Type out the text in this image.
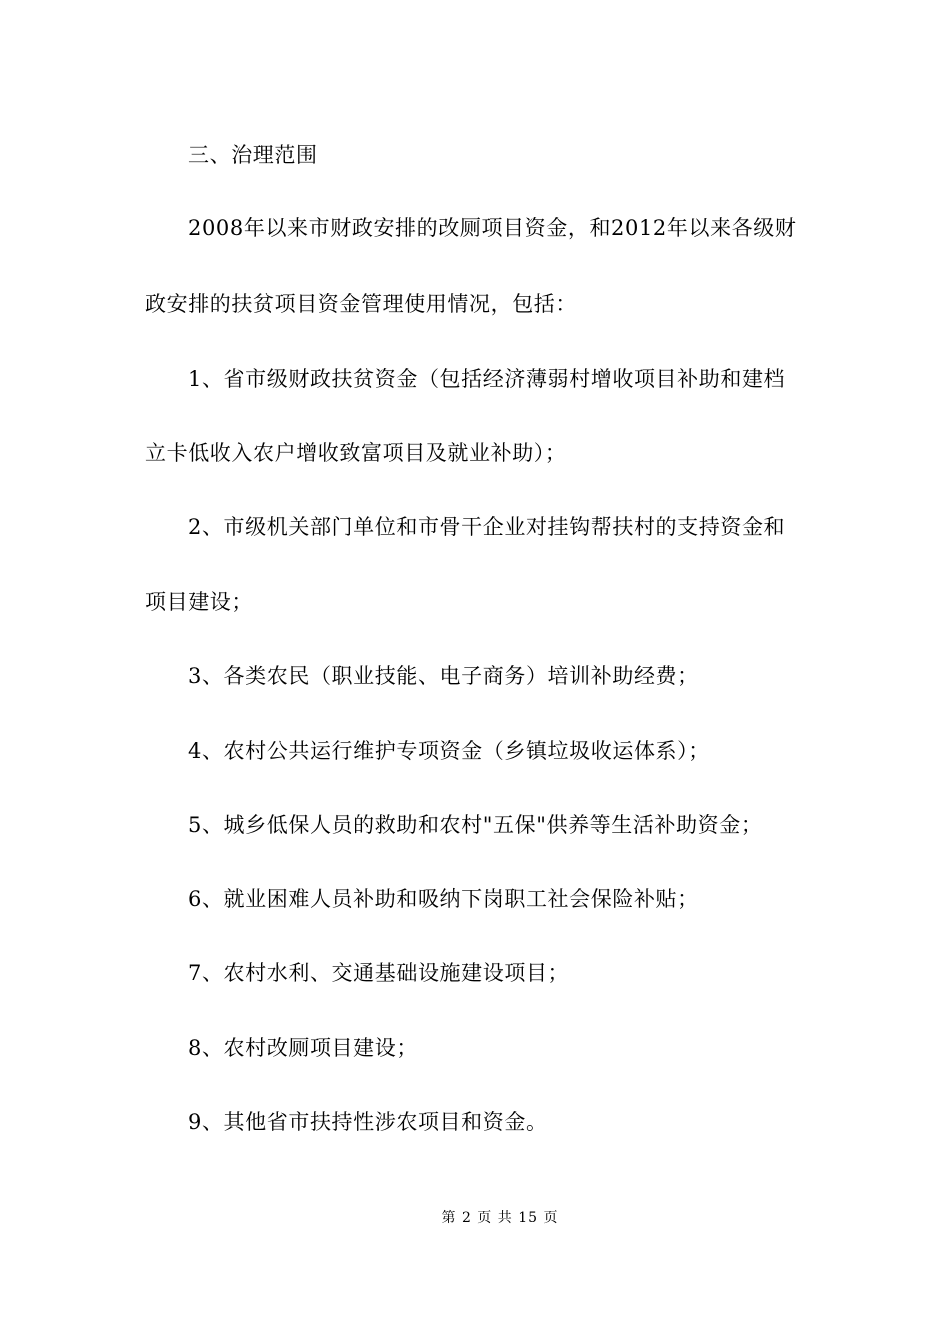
三、治理范围
2008年以来市财政安排的改厕项目资金，和2012年以来各级财
政安排的扶贫项目资金管理使用情况，包括：
1、省市级财政扶贫资金（包括经济薄弱村增收项目补助和建档
立卡低收入农户增收致富项目及就业补助）；
2、市级机关部门单位和市骨干企业对挂钩帮扶村的支持资金和
项目建设；
3、各类农民（职业技能、电子商务）培训补助经费；
4、农村公共运行维护专项资金（乡镇垃圾收运体系）；
5、城乡低保人员的救助和农村"五保"供养等生活补助资金；
6、就业困难人员补助和吸纳下岗职工社会保险补贴；
7、农村水利、交通基础设施建设项目；
8、农村改厕项目建设；
9、其他省市扶持性涉农项目和资金。
第 2 页 共 15 页
